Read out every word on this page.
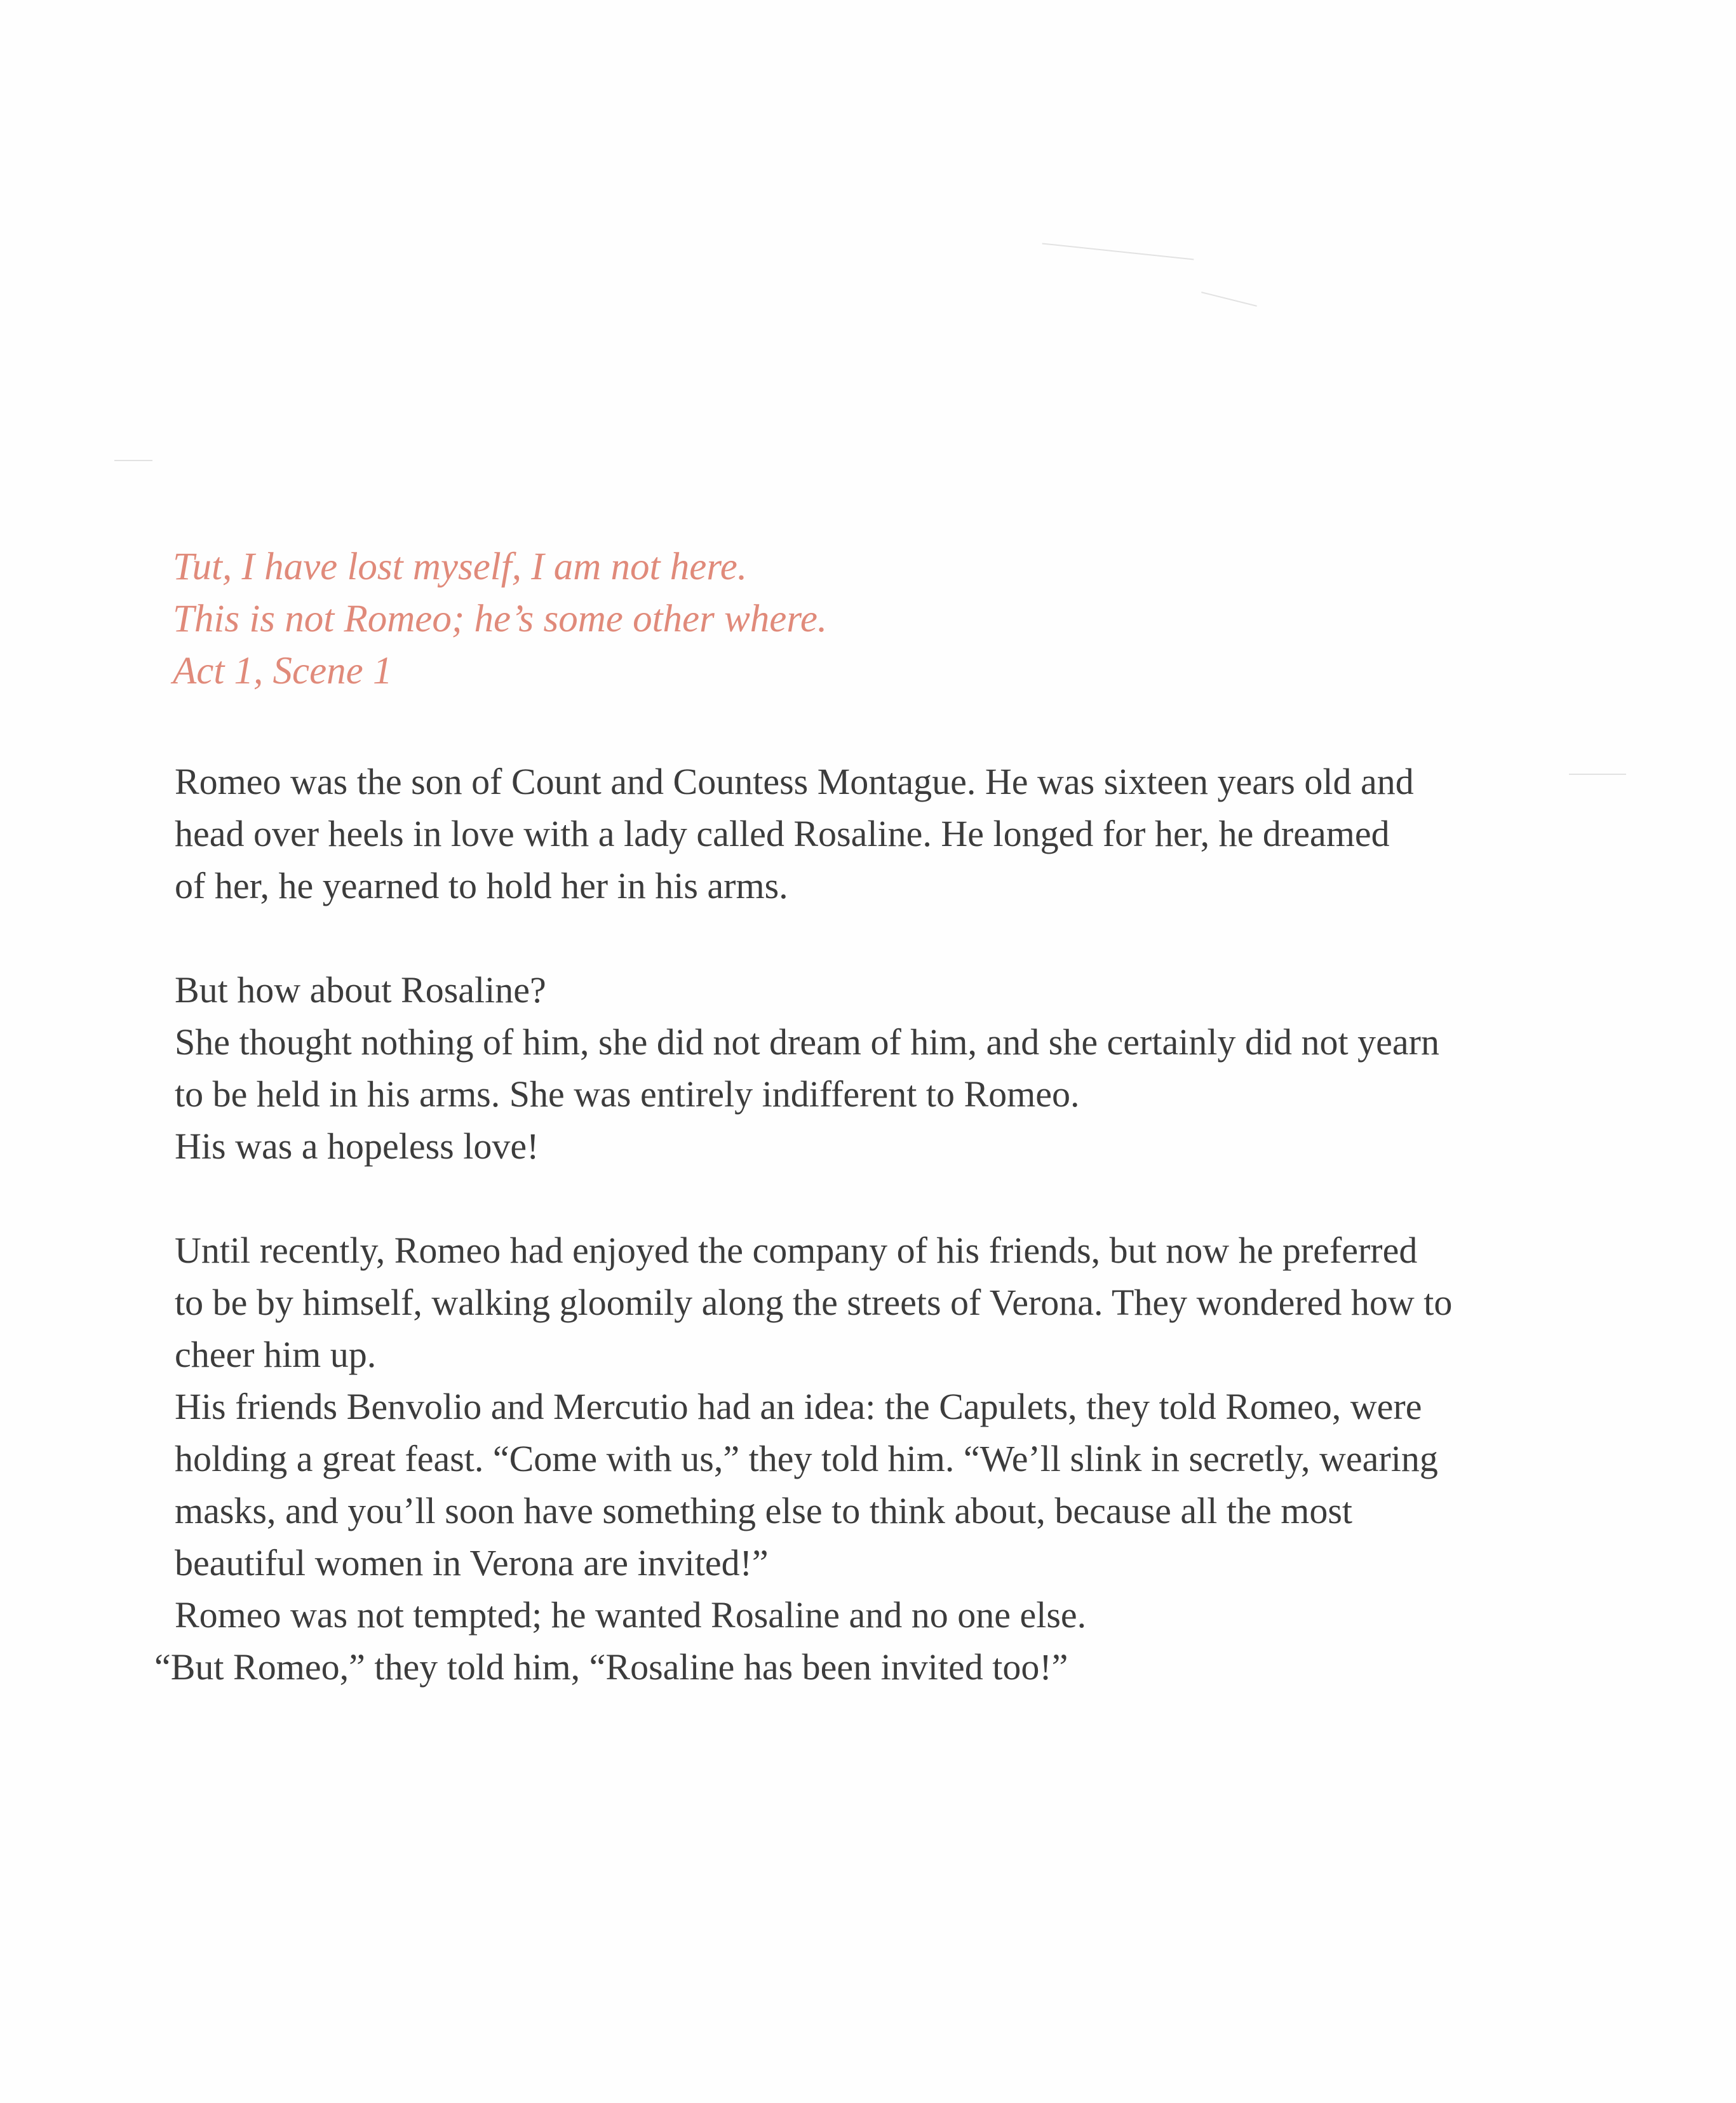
Tut, I have lost myself, I am not here.
This is not Romeo; he’s some other where.
Act 1, Scene 1

Romeo was the son of Count and Countess Montague. He was sixteen years old and
head over heels in love with a lady called Rosaline. He longed for her, he dreamed
of her, he yearned to hold her in his arms.

But how about Rosaline?
She thought nothing of him, she did not dream of him, and she certainly did not yearn
to be held in his arms. She was entirely indifferent to Romeo.
His was a hopeless love!

Until recently, Romeo had enjoyed the company of his friends, but now he preferred
to be by himself, walking gloomily along the streets of Verona. They wondered how to
cheer him up.
His friends Benvolio and Mercutio had an idea: the Capulets, they told Romeo, were
holding a great feast. “Come with us,” they told him. “We’ll slink in secretly, wearing
masks, and you’ll soon have something else to think about, because all the most
beautiful women in Verona are invited!”
Romeo was not tempted; he wanted Rosaline and no one else.
“But Romeo,” they told him, “Rosaline has been invited too!”
